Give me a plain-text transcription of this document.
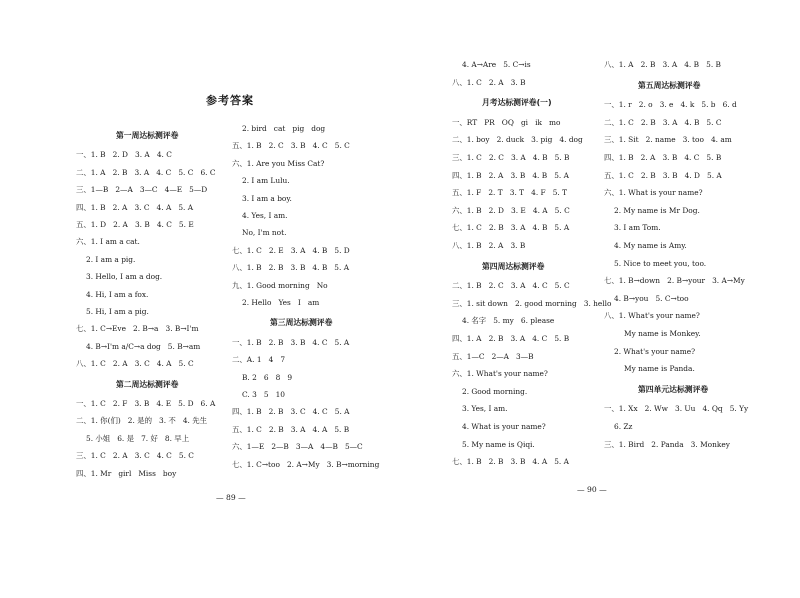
参考答案
— 89 —
第一周达标测评卷
一、1. B   2. D   3. A   4. C
二、1. A   2. B   3. A   4. C   5. C   6. C
三、1—B   2—A   3—C   4—E   5—D
四、1. B   2. A   3. C   4. A   5. A
五、1. D   2. A   3. B   4. C   5. E
六、1. I am a cat.
2. I am a pig.
3. Hello, I am a dog.
4. Hi, I am a fox.
5. Hi, I am a pig.
七、1. C→Eve   2. B→a   3. B→I'm
4. B→I'm a/C→a dog   5. B→am
八、1. C   2. A   3. C   4. A   5. C
第二周达标测评卷
一、1. C   2. F   3. B   4. E   5. D   6. A
二、1. 你(们)   2. 是的   3. 不   4. 先生
5. 小姐   6. 是   7. 好   8. 早上
三、1. C   2. A   3. C   4. C   5. C
四、1. Mr   girl   Miss   boy
2. bird   cat   pig   dog
五、1. B   2. C   3. B   4. C   5. C
六、1. Are you Miss Cat?
2. I am Lulu.
3. I am a boy.
4. Yes, I am.
No, I'm not.
七、1. C   2. E   3. A   4. B   5. D
八、1. B   2. B   3. B   4. B   5. A
九、1. Good morning   No
2. Hello   Yes   I   am
第三周达标测评卷
一、1. B   2. B   3. B   4. C   5. A
二、A. 1   4   7
B. 2   6   8   9
C. 3   5   10
四、1. B   2. B   3. C   4. C   5. A
五、1. C   2. B   3. A   4. A   5. B
六、1—E   2—B   3—A   4—B   5—C
七、1. C→too   2. A→My   3. B→morning
— 90 —
4. A→Are   5. C→is
八、1. C   2. A   3. B
月考达标测评卷(一)
一、RT   PR   OQ   gi   ik   mo
二、1. boy   2. duck   3. pig   4. dog
三、1. C   2. C   3. A   4. B   5. B
四、1. B   2. A   3. B   4. B   5. A
五、1. F   2. T   3. T   4. F   5. T
六、1. B   2. D   3. E   4. A   5. C
七、1. C   2. B   3. A   4. B   5. A
八、1. B   2. A   3. B
第四周达标测评卷
二、1. B   2. C   3. A   4. C   5. C
三、1. sit down   2. good morning   3. hello
4. 名字   5. my   6. please
四、1. A   2. B   3. A   4. C   5. B
五、1—C   2—A   3—B
六、1. What's your name?
2. Good morning.
3. Yes, I am.
4. What is your name?
5. My name is Qiqi.
七、1. B   2. B   3. B   4. A   5. A
八、1. A   2. B   3. A   4. B   5. B
第五周达标测评卷
一、1. r   2. o   3. e   4. k   5. b   6. d
二、1. C   2. B   3. A   4. B   5. C
三、1. Sit   2. name   3. too   4. am
四、1. B   2. A   3. B   4. C   5. B
五、1. C   2. B   3. B   4. D   5. A
六、1. What is your name?
2. My name is Mr Dog.
3. I am Tom.
4. My name is Amy.
5. Nice to meet you, too.
七、1. B→down   2. B→your   3. A→My
4. B→you   5. C→too
八、1. What's your name?
My name is Monkey.
2. What's your name?
My name is Panda.
第四单元达标测评卷
一、1. Xx   2. Ww   3. Uu   4. Qq   5. Yy
6. Zz
三、1. Bird   2. Panda   3. Monkey
